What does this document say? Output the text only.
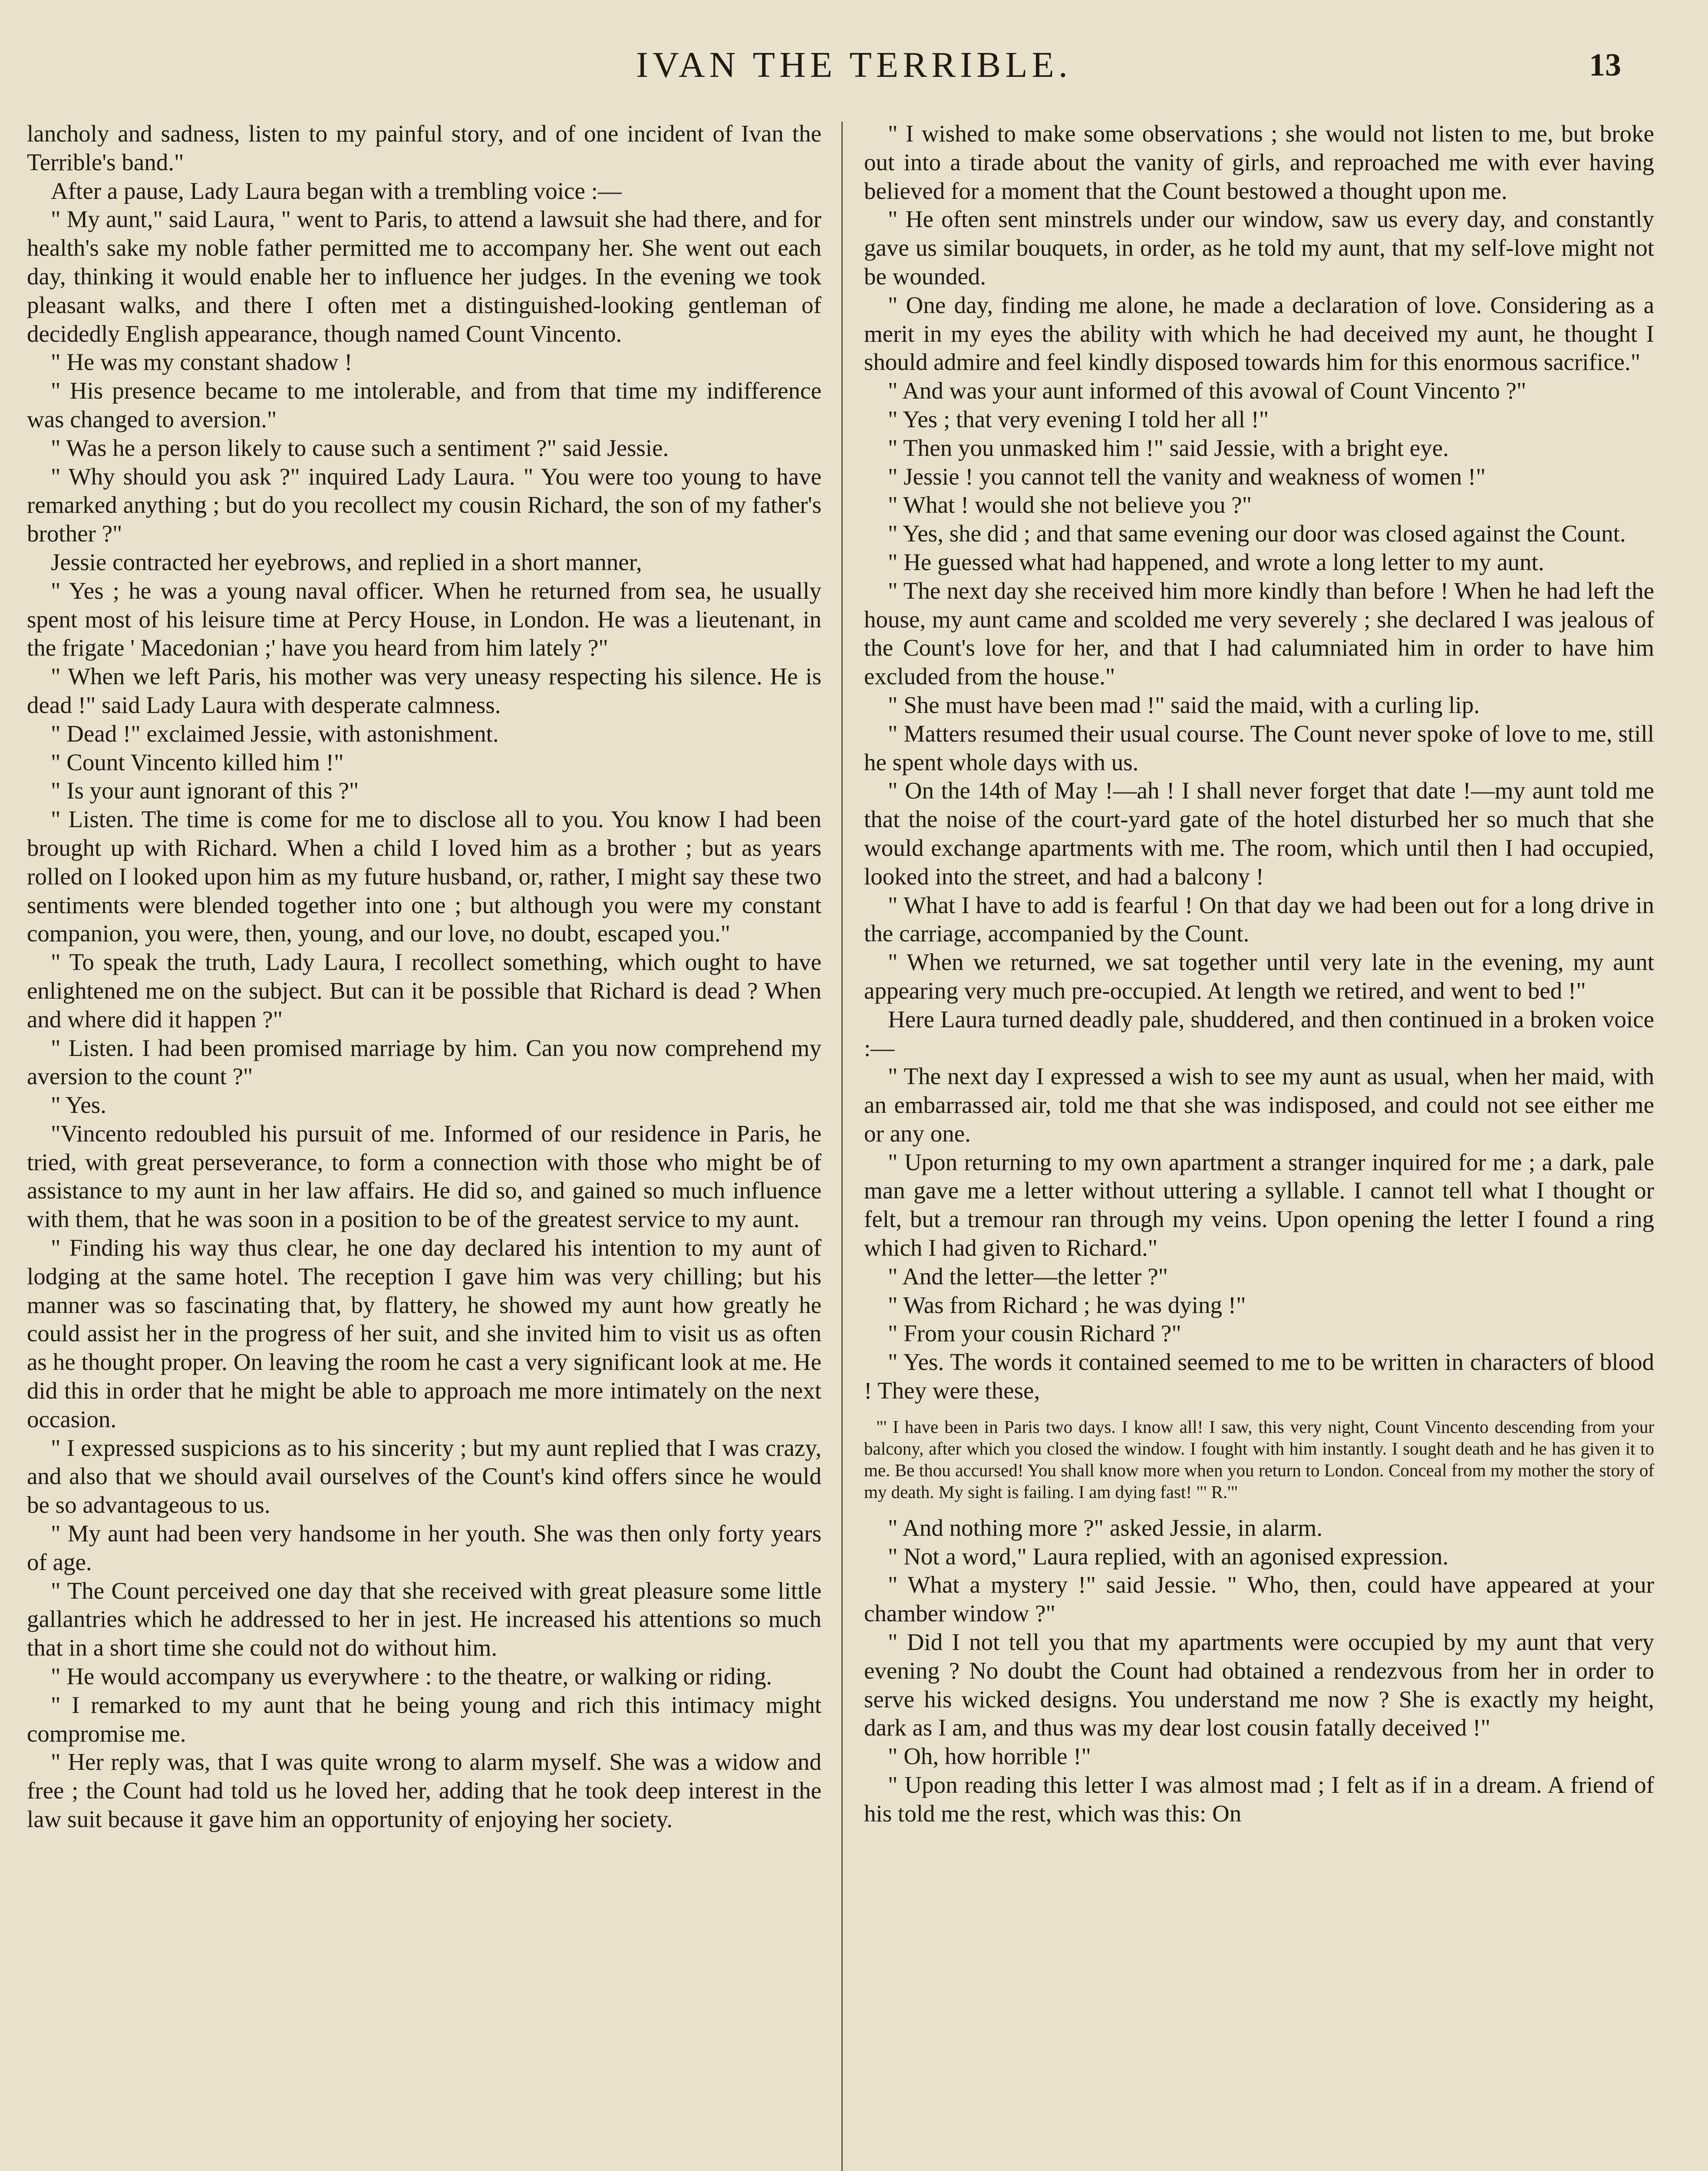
IVAN THE TERRIBLE.	13

lancholy and sadness, listen to my painful story, and of one incident of Ivan the Terrible's band."

After a pause, Lady Laura began with a trembling voice :—

" My aunt," said Laura, " went to Paris, to attend a lawsuit she had there, and for health's sake my noble father permitted me to accompany her. She went out each day, thinking it would enable her to influence her judges. In the evening we took pleasant walks, and there I often met a distinguished-looking gentleman of decidedly English appearance, though named Count Vincento.

" He was my constant shadow !

" His presence became to me intolerable, and from that time my indifference was changed to aversion."

" Was he a person likely to cause such a sentiment ?" said Jessie.

" Why should you ask ?" inquired Lady Laura. " You were too young to have remarked anything ; but do you recollect my cousin Richard, the son of my father's brother ?"

Jessie contracted her eyebrows, and replied in a short manner,

" Yes ; he was a young naval officer. When he returned from sea, he usually spent most of his leisure time at Percy House, in London. He was a lieutenant, in the frigate ' Macedonian ;' have you heard from him lately ?"

" When we left Paris, his mother was very uneasy respecting his silence. He is dead !" said Lady Laura with desperate calmness.

" Dead !" exclaimed Jessie, with astonishment.

" Count Vincento killed him !"

" Is your aunt ignorant of this ?"

" Listen. The time is come for me to disclose all to you. You know I had been brought up with Richard. When a child I loved him as a brother ; but as years rolled on I looked upon him as my future husband, or, rather, I might say these two sentiments were blended together into one ; but although you were my constant companion, you were, then, young, and our love, no doubt, escaped you."

" To speak the truth, Lady Laura, I recollect something, which ought to have enlightened me on the subject. But can it be possible that Richard is dead ? When and where did it happen ?"

" Listen. I had been promised marriage by him. Can you now comprehend my aversion to the count ?"

" Yes.

"Vincento redoubled his pursuit of me. Informed of our residence in Paris, he tried, with great perseverance, to form a connection with those who might be of assistance to my aunt in her law affairs. He did so, and gained so much influence with them, that he was soon in a position to be of the greatest service to my aunt.

" Finding his way thus clear, he one day declared his intention to my aunt of lodging at the same hotel. The reception I gave him was very chilling; but his manner was so fascinating that, by flattery, he showed my aunt how greatly he could assist her in the progress of her suit, and she invited him to visit us as often as he thought proper. On leaving the room he cast a very significant look at me. He did this in order that he might be able to approach me more intimately on the next occasion.

" I expressed suspicions as to his sincerity ; but my aunt replied that I was crazy, and also that we should avail ourselves of the Count's kind offers since he would be so advantageous to us.

" My aunt had been very handsome in her youth. She was then only forty years of age.

" The Count perceived one day that she received with great pleasure some little gallantries which he addressed to her in jest. He increased his attentions so much that in a short time she could not do without him.

" He would accompany us everywhere : to the theatre, or walking or riding.

" I remarked to my aunt that he being young and rich this intimacy might compromise me.

" Her reply was, that I was quite wrong to alarm myself. She was a widow and free ; the Count had told us he loved her, adding that he took deep interest in the law suit because it gave him an opportunity of enjoying her society.

" I wished to make some observations ; she would not listen to me, but broke out into a tirade about the vanity of girls, and reproached me with ever having believed for a moment that the Count bestowed a thought upon me.

" He often sent minstrels under our window, saw us every day, and constantly gave us similar bouquets, in order, as he told my aunt, that my self-love might not be wounded.

" One day, finding me alone, he made a declaration of love. Considering as a merit in my eyes the ability with which he had deceived my aunt, he thought I should admire and feel kindly disposed towards him for this enormous sacrifice."

" And was your aunt informed of this avowal of Count Vincento ?"

" Yes ; that very evening I told her all !"

" Then you unmasked him !" said Jessie, with a bright eye.

" Jessie ! you cannot tell the vanity and weakness of women !"

" What ! would she not believe you ?"

" Yes, she did ; and that same evening our door was closed against the Count.

" He guessed what had happened, and wrote a long letter to my aunt.

" The next day she received him more kindly than before ! When he had left the house, my aunt came and scolded me very severely ; she declared I was jealous of the Count's love for her, and that I had calumniated him in order to have him excluded from the house."

" She must have been mad !" said the maid, with a curling lip.

" Matters resumed their usual course. The Count never spoke of love to me, still he spent whole days with us.

" On the 14th of May !—ah ! I shall never forget that date !—my aunt told me that the noise of the court-yard gate of the hotel disturbed her so much that she would exchange apartments with me. The room, which until then I had occupied, looked into the street, and had a balcony !

" What I have to add is fearful ! On that day we had been out for a long drive in the carriage, accompanied by the Count.

" When we returned, we sat together until very late in the evening, my aunt appearing very much pre-occupied. At length we retired, and went to bed !"

Here Laura turned deadly pale, shuddered, and then continued in a broken voice :—

" The next day I expressed a wish to see my aunt as usual, when her maid, with an embarrassed air, told me that she was indisposed, and could not see either me or any one.

" Upon returning to my own apartment a stranger inquired for me ; a dark, pale man gave me a letter without uttering a syllable. I cannot tell what I thought or felt, but a tremour ran through my veins. Upon opening the letter I found a ring which I had given to Richard."

" And the letter—the letter ?"

" Was from Richard ; he was dying !"

" From your cousin Richard ?"

" Yes. The words it contained seemed to me to be written in characters of blood ! They were these,

"' I have been in Paris two days. I know all! I saw, this very night, Count Vincento descending from your balcony, after which you closed the window. I fought with him instantly. I sought death and he has given it to me. Be thou accursed! You shall know more when you return to London. Conceal from my mother the story of my death. My sight is failing. I am dying fast! "' R.'"

" And nothing more ?" asked Jessie, in alarm.

" Not a word," Laura replied, with an agonised expression.

" What a mystery !" said Jessie. " Who, then, could have appeared at your chamber window ?"

" Did I not tell you that my apartments were occupied by my aunt that very evening ? No doubt the Count had obtained a rendezvous from her in order to serve his wicked designs. You understand me now ? She is exactly my height, dark as I am, and thus was my dear lost cousin fatally deceived !"

" Oh, how horrible !"

" Upon reading this letter I was almost mad ; I felt as if in a dream. A friend of his told me the rest, which was this: On
